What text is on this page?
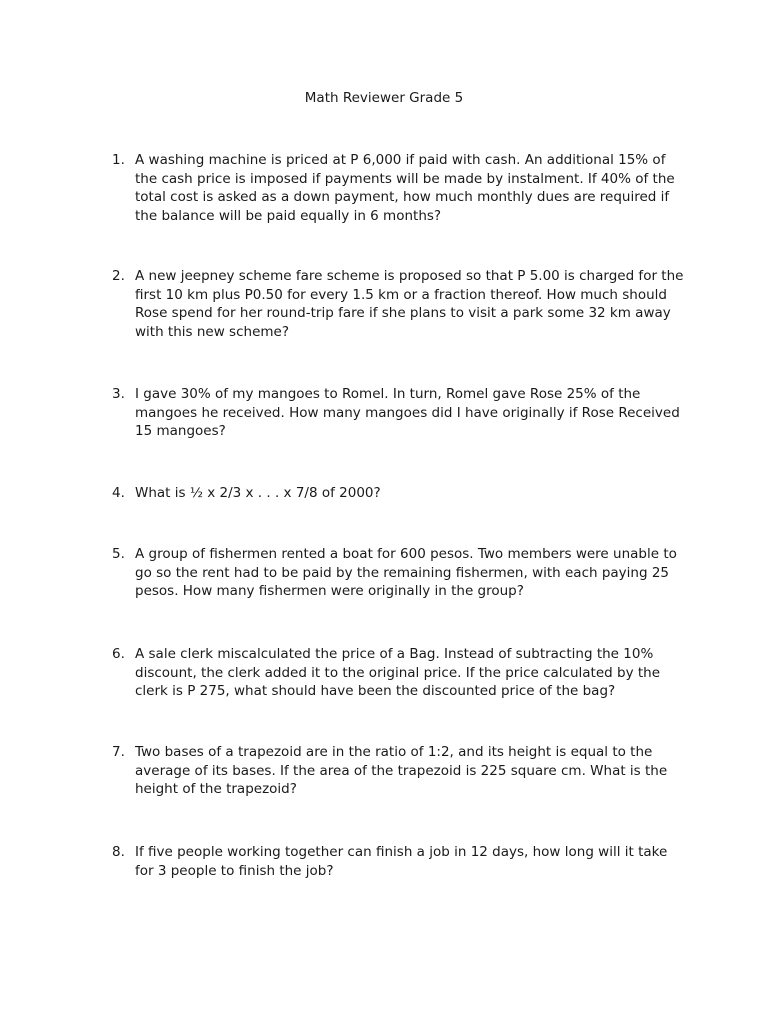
Math Reviewer Grade 5
1. A washing machine is priced at P 6,000 if paid with cash. An additional 15% of the cash price is imposed if payments will be made by instalment. If 40% of the total cost is asked as a down payment, how much monthly dues are required if the balance will be paid equally in 6 months?
2. A new jeepney scheme fare scheme is proposed so that P 5.00 is charged for the first 10 km plus P0.50 for every 1.5 km or a fraction thereof. How much should Rose spend for her round-trip fare if she plans to visit a park some 32 km away with this new scheme?
3. I gave 30% of my mangoes to Romel. In turn, Romel gave Rose 25% of the mangoes he received. How many mangoes did I have originally if Rose Received 15 mangoes?
4. What is ½ x 2/3 x . . . x 7/8 of 2000?
5. A group of fishermen rented a boat for 600 pesos. Two members were unable to go so the rent had to be paid by the remaining fishermen, with each paying 25 pesos. How many fishermen were originally in the group?
6. A sale clerk miscalculated the price of a Bag. Instead of subtracting the 10% discount, the clerk added it to the original price. If the price calculated by the clerk is P 275, what should have been the discounted price of the bag?
7. Two bases of a trapezoid are in the ratio of 1:2, and its height is equal to the average of its bases. If the area of the trapezoid is 225 square cm. What is the height of the trapezoid?
8. If five people working together can finish a job in 12 days, how long will it take for 3 people to finish the job?
